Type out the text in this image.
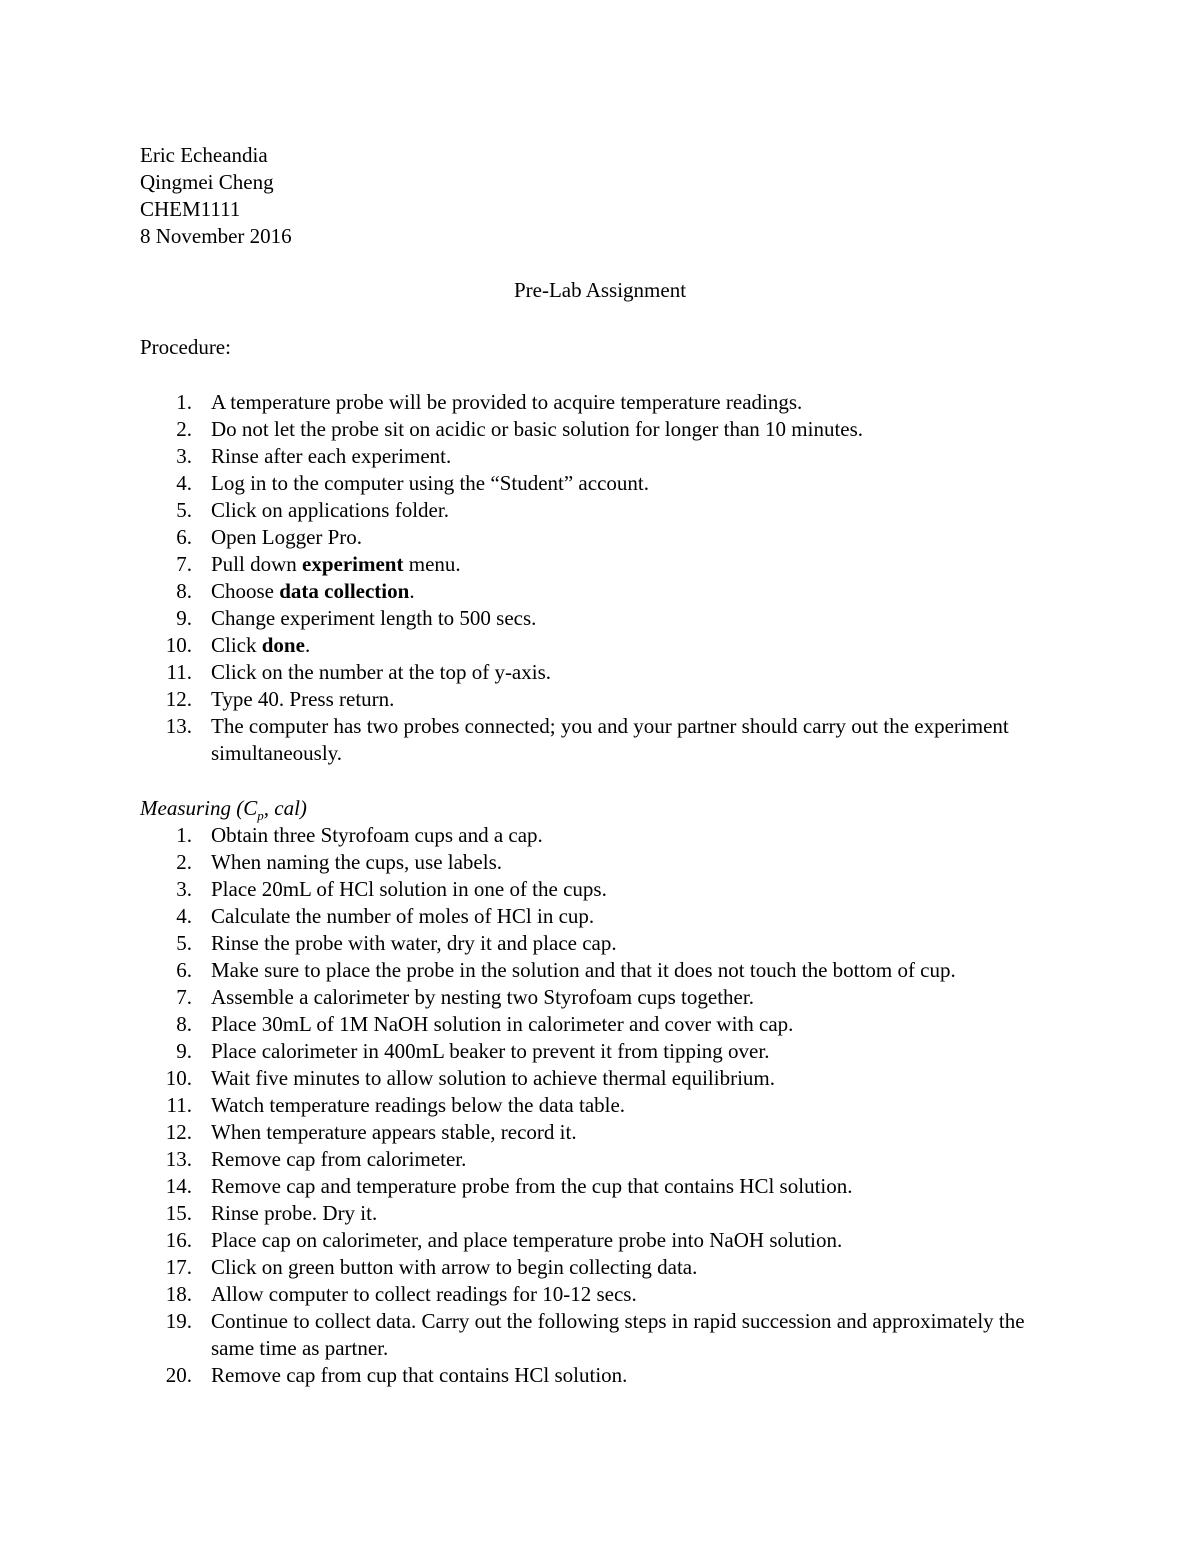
Eric Echeandia
Qingmei Cheng
CHEM1111
8 November 2016
Pre-Lab Assignment
Procedure:
1. A temperature probe will be provided to acquire temperature readings.
2. Do not let the probe sit on acidic or basic solution for longer than 10 minutes.
3. Rinse after each experiment.
4. Log in to the computer using the “Student” account.
5. Click on applications folder.
6. Open Logger Pro.
7. Pull down experiment menu.
8. Choose data collection.
9. Change experiment length to 500 secs.
10. Click done.
11. Click on the number at the top of y-axis.
12. Type 40. Press return.
13. The computer has two probes connected; you and your partner should carry out the experiment simultaneously.
Measuring ($C_p$, cal)
1. Obtain three Styrofoam cups and a cap.
2. When naming the cups, use labels.
3. Place 20mL of HCl solution in one of the cups.
4. Calculate the number of moles of HCl in cup.
5. Rinse the probe with water, dry it and place cap.
6. Make sure to place the probe in the solution and that it does not touch the bottom of cup.
7. Assemble a calorimeter by nesting two Styrofoam cups together.
8. Place 30mL of 1M NaOH solution in calorimeter and cover with cap.
9. Place calorimeter in 400mL beaker to prevent it from tipping over.
10. Wait five minutes to allow solution to achieve thermal equilibrium.
11. Watch temperature readings below the data table.
12. When temperature appears stable, record it.
13. Remove cap from calorimeter.
14. Remove cap and temperature probe from the cup that contains HCl solution.
15. Rinse probe. Dry it.
16. Place cap on calorimeter, and place temperature probe into NaOH solution.
17. Click on green button with arrow to begin collecting data.
18. Allow computer to collect readings for 10-12 secs.
19. Continue to collect data. Carry out the following steps in rapid succession and approximately the same time as partner.
20. Remove cap from cup that contains HCl solution.
